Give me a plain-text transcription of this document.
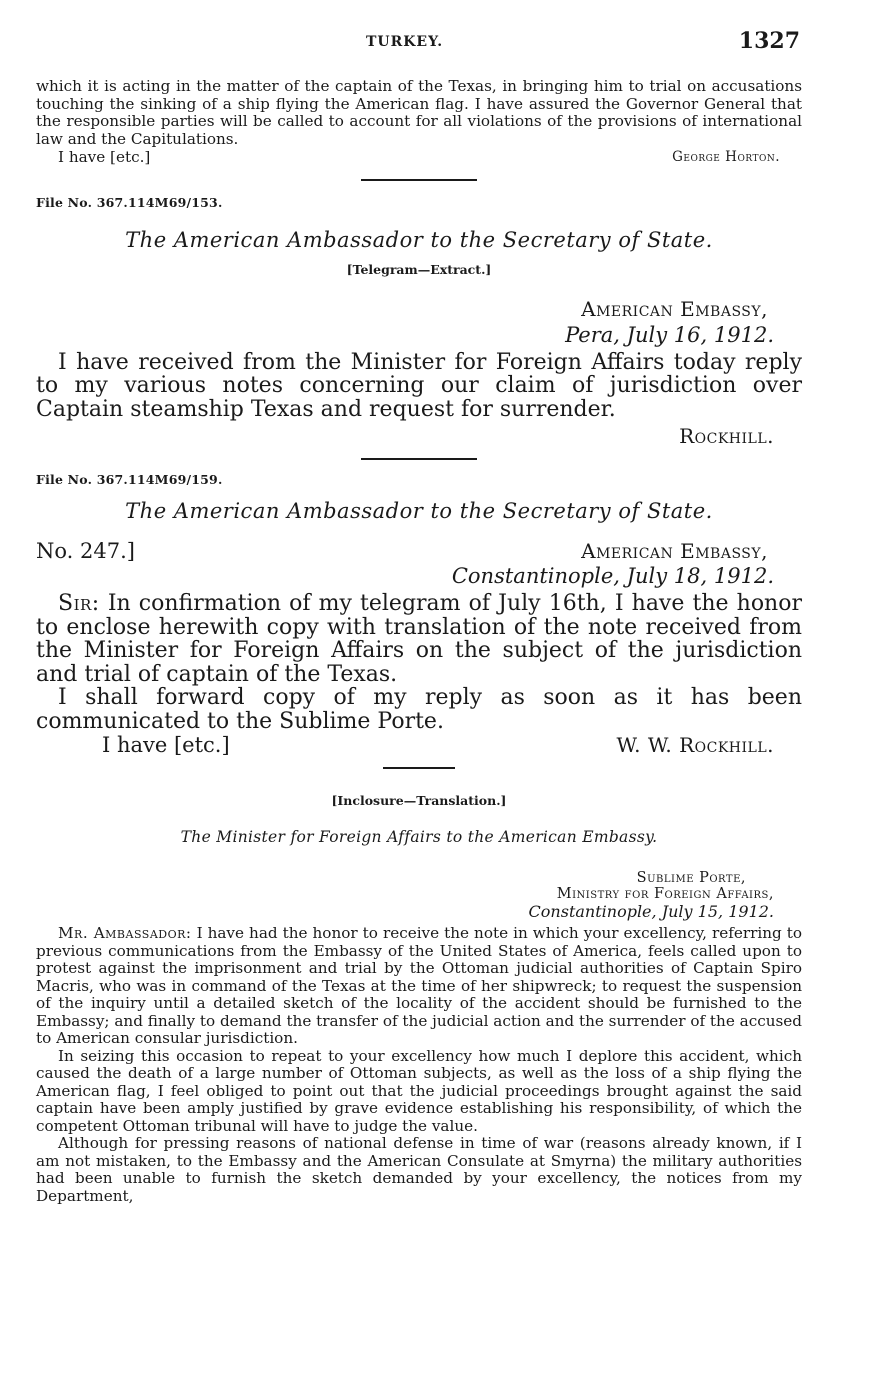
TURKEY.	1327

which it is acting in the matter of the captain of the Texas, in bringing him to trial on accusations touching the sinking of a ship flying the American flag. I have assured the Governor General that the responsible parties will be called to account for all violations of the provisions of international law and the Capitulations.

I have [etc.]	George Horton.
File No. 367.114M69/153.
The American Ambassador to the Secretary of State.
[Telegram—Extract.]
American Embassy,
Pera, July 16, 1912.

I have received from the Minister for Foreign Affairs today reply to my various notes concerning our claim of jurisdiction over Captain steamship Texas and request for surrender.

Rockhill.
File No. 367.114M69/159.
The American Ambassador to the Secretary of State.
No. 247.]	American Embassy,
Constantinople, July 18, 1912.

Sir: In confirmation of my telegram of July 16th, I have the honor to enclose herewith copy with translation of the note received from the Minister for Foreign Affairs on the subject of the jurisdiction and trial of captain of the Texas.

I shall forward copy of my reply as soon as it has been communicated to the Sublime Porte.

I have [etc.]	W. W. Rockhill.
[Inclosure—Translation.]
The Minister for Foreign Affairs to the American Embassy.
Sublime Porte,
Ministry for Foreign Affairs,
Constantinople, July 15, 1912.

Mr. Ambassador: I have had the honor to receive the note in which your excellency, referring to previous communications from the Embassy of the United States of America, feels called upon to protest against the imprisonment and trial by the Ottoman judicial authorities of Captain Spiro Macris, who was in command of the Texas at the time of her shipwreck; to request the suspension of the inquiry until a detailed sketch of the locality of the accident should be furnished to the Embassy; and finally to demand the transfer of the judicial action and the surrender of the accused to American consular jurisdiction.

In seizing this occasion to repeat to your excellency how much I deplore this accident, which caused the death of a large number of Ottoman subjects, as well as the loss of a ship flying the American flag, I feel obliged to point out that the judicial proceedings brought against the said captain have been amply justified by grave evidence establishing his responsibility, of which the competent Ottoman tribunal will have to judge the value.

Although for pressing reasons of national defense in time of war (reasons already known, if I am not mistaken, to the Embassy and the American Consulate at Smyrna) the military authorities had been unable to furnish the sketch demanded by your excellency, the notices from my Department,
